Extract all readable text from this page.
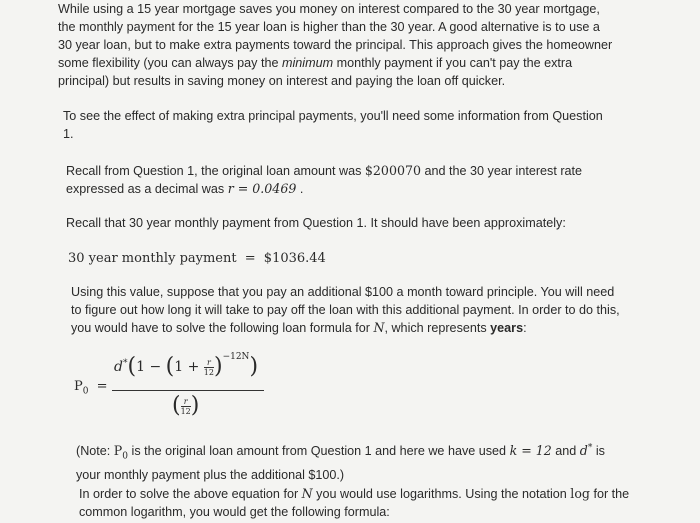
While using a 15 year mortgage saves you money on interest compared to the 30 year mortgage,
the monthly payment for the 15 year loan is higher than the 30 year. A good alternative is to use a
30 year loan, but to make extra payments toward the principal. This approach gives the homeowner
some flexibility (you can always pay the minimum monthly payment if you can't pay the extra
principal) but results in saving money on interest and paying the loan off quicker.
To see the effect of making extra principal payments, you'll need some information from Question
1.
Recall from Question 1, the original loan amount was $200070 and the 30 year interest rate
expressed as a decimal was r = 0.0469 .
Recall that 30 year monthly payment from Question 1. It should have been approximately:
30 year monthly payment = $1036.44
Using this value, suppose that you pay an additional $100 a month toward principle. You will need
to figure out how long it will take to pay off the loan with this additional payment. In order to do this,
you would have to solve the following loan formula for N, which represents years:
$P_0$ =
$d^*(1 - (1 + \frac{r}{12} )^{-12N})$
( $\frac{r}{12}$ )
(Note: $P_0$ is the original loan amount from Question 1 and here we have used k = 12 and d* is
your monthly payment plus the additional $100.)
In order to solve the above equation for N you would use logarithms. Using the notation log for the
common logarithm, you would get the following formula:
